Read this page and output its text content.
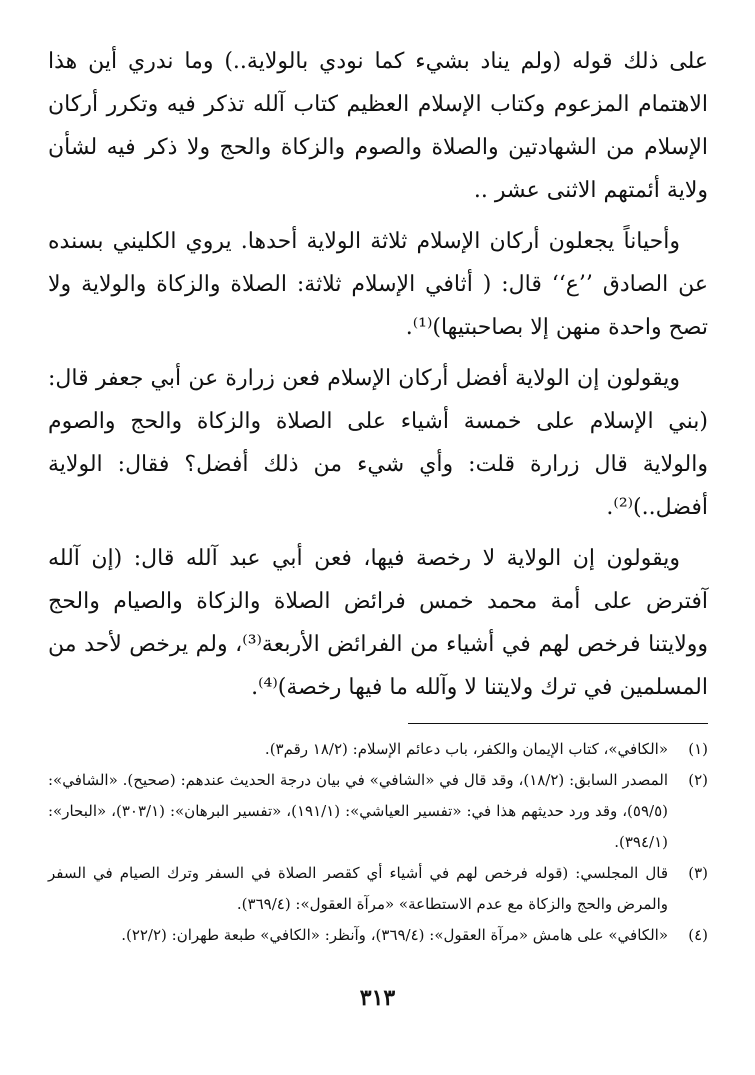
على ذلك قوله (ولم يناد بشيء كما نودي بالولاية..) وما ندري أين هذا الاهتمام المزعوم وكتاب الإسلام العظيم كتاب آلله تذكر فيه وتكرر أركان الإسلام من الشهادتين والصلاة والصوم والزكاة والحج ولا ذكر فيه لشأن ولاية أئمتهم الاثنى عشر ..

وأحياناً يجعلون أركان الإسلام ثلاثة الولاية أحدها. يروي الكليني بسنده عن الصادق ’’ع‘‘ قال: ( أثافي الإسلام ثلاثة: الصلاة والزكاة والولاية ولا تصح واحدة منهن إلا بصاحبتيها)⁽¹⁾.

ويقولون إن الولاية أفضل أركان الإسلام فعن زرارة عن أبي جعفر قال: (بني الإسلام على خمسة أشياء على الصلاة والزكاة والحج والصوم والولاية قال زرارة قلت: وأي شيء من ذلك أفضل؟ فقال: الولاية أفضل..)⁽²⁾.

ويقولون إن الولاية لا رخصة فيها، فعن أبي عبد آلله قال: (إن آلله آفترض على أمة محمد خمس فرائض الصلاة والزكاة والصيام والحج وولايتنا فرخص لهم في أشياء من الفرائض الأربعة⁽³⁾، ولم يرخص لأحد من المسلمين في ترك ولايتنا لا وآلله ما فيها رخصة)⁽⁴⁾.

(١)
«الكافي»، كتاب الإيمان والكفر، باب دعائم الإسلام: (١٨/٢ رقم٣).
(٢)
المصدر السابق: (١٨/٢)، وقد قال في «الشافي» في بيان درجة الحديث عندهم: (صحيح). «الشافي»: (٥٩/٥)، وقد ورد حديثهم هذا في: «تفسير العياشي»: (١٩١/١)، «تفسير البرهان»: (٣٠٣/١)، «البحار»: (٣٩٤/١).
(٣)
قال المجلسي: (قوله فرخص لهم في أشياء أي كقصر الصلاة في السفر وترك الصيام في السفر والمرض والحج والزكاة مع عدم الاستطاعة» «مرآة العقول»: (٣٦٩/٤).
(٤)
«الكافي» على هامش «مرآة العقول»: (٣٦٩/٤)، وآنظر: «الكافي» طبعة طهران: (٢٢/٢).
٣١٣
